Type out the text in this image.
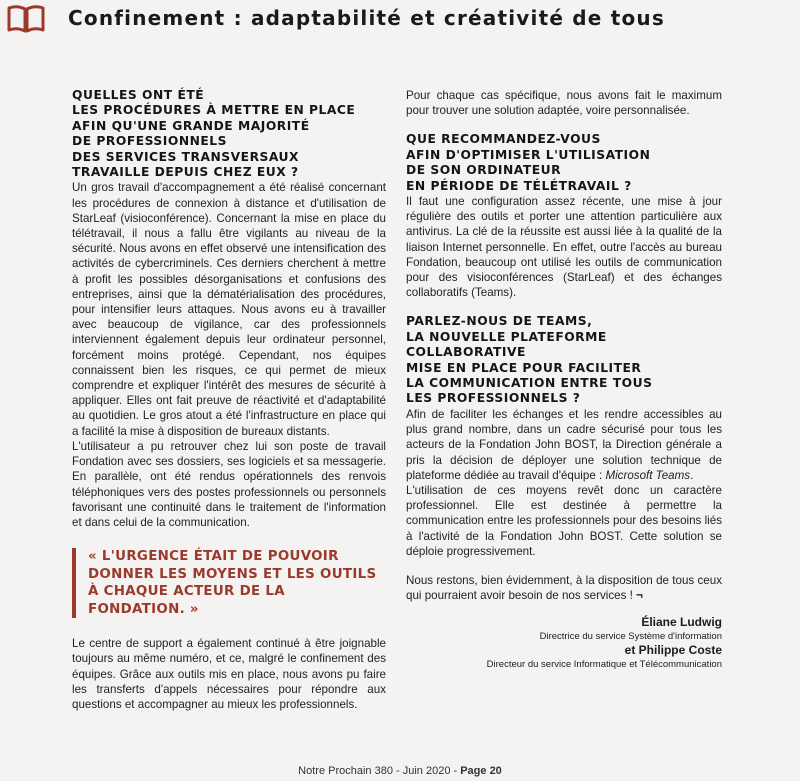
Confinement : adaptabilité et créativité de tous
QUELLES ONT ÉTÉ
LES PROCÉDURES À METTRE EN PLACE
AFIN QU'UNE GRANDE MAJORITÉ
DE PROFESSIONNELS
DES SERVICES TRANSVERSAUX
TRAVAILLE DEPUIS CHEZ EUX ?

Un gros travail d'accompagnement a été réalisé concernant les procédures de connexion à distance et d'utilisation de StarLeaf (visioconférence). Concernant la mise en place du télétravail, il nous a fallu être vigilants au niveau de la sécurité. Nous avons en effet observé une intensification des activités de cybercriminels. Ces derniers cherchent à mettre à profit les possibles désorganisations et confusions des entreprises, ainsi que la dématérialisation des procédures, pour intensifier leurs attaques. Nous avons eu à travailler avec beaucoup de vigilance, car des professionnels interviennent également depuis leur ordinateur personnel, forcément moins protégé. Cependant, nos équipes connaissent bien les risques, ce qui permet de mieux comprendre et expliquer l'intérêt des mesures de sécurité à appliquer. Elles ont fait preuve de réactivité et d'adaptabilité au quotidien. Le gros atout a été l'infrastructure en place qui a facilité la mise à disposition de bureaux distants.

L'utilisateur a pu retrouver chez lui son poste de travail Fondation avec ses dossiers, ses logiciels et sa messagerie. En parallèle, ont été rendus opérationnels des renvois téléphoniques vers des postes professionnels ou personnels favorisant une continuité dans le traitement de l'information et dans celui de la communication.

« L'URGENCE ÉTAIT DE POUVOIR DONNER LES MOYENS ET LES OUTILS À CHAQUE ACTEUR DE LA FONDATION. »

Le centre de support a également continué à être joignable toujours au même numéro, et ce, malgré le confinement des équipes. Grâce aux outils mis en place, nous avons pu faire les transferts d'appels nécessaires pour répondre aux questions et accompagner au mieux les professionnels.

Pour chaque cas spécifique, nous avons fait le maximum pour trouver une solution adaptée, voire personnalisée.

QUE RECOMMANDEZ-VOUS
AFIN D'OPTIMISER L'UTILISATION
DE SON ORDINATEUR
EN PÉRIODE DE TÉLÉTRAVAIL ?

Il faut une configuration assez récente, une mise à jour régulière des outils et porter une attention particulière aux antivirus. La clé de la réussite est aussi liée à la qualité de la liaison Internet personnelle. En effet, outre l'accès au bureau Fondation, beaucoup ont utilisé les outils de communication pour des visioconférences (StarLeaf) et des échanges collaboratifs (Teams).

PARLEZ-NOUS DE TEAMS,
LA NOUVELLE PLATEFORME COLLABORATIVE
MISE EN PLACE POUR FACILITER
LA COMMUNICATION ENTRE TOUS
LES PROFESSIONNELS ?

Afin de faciliter les échanges et les rendre accessibles au plus grand nombre, dans un cadre sécurisé pour tous les acteurs de la Fondation John BOST, la Direction générale a pris la décision de déployer une solution technique de plateforme dédiée au travail d'équipe : Microsoft Teams.

L'utilisation de ces moyens revêt donc un caractère professionnel. Elle est destinée à permettre la communication entre les professionnels pour des besoins liés à l'activité de la Fondation John BOST. Cette solution se déploie progressivement.

Nous restons, bien évidemment, à la disposition de tous ceux qui pourraient avoir besoin de nos services ! ¬

Éliane Ludwig
Directrice du service Système d'information
et Philippe Coste
Directeur du service Informatique et Télécommunication
Notre Prochain 380 - Juin 2020 - Page 20
